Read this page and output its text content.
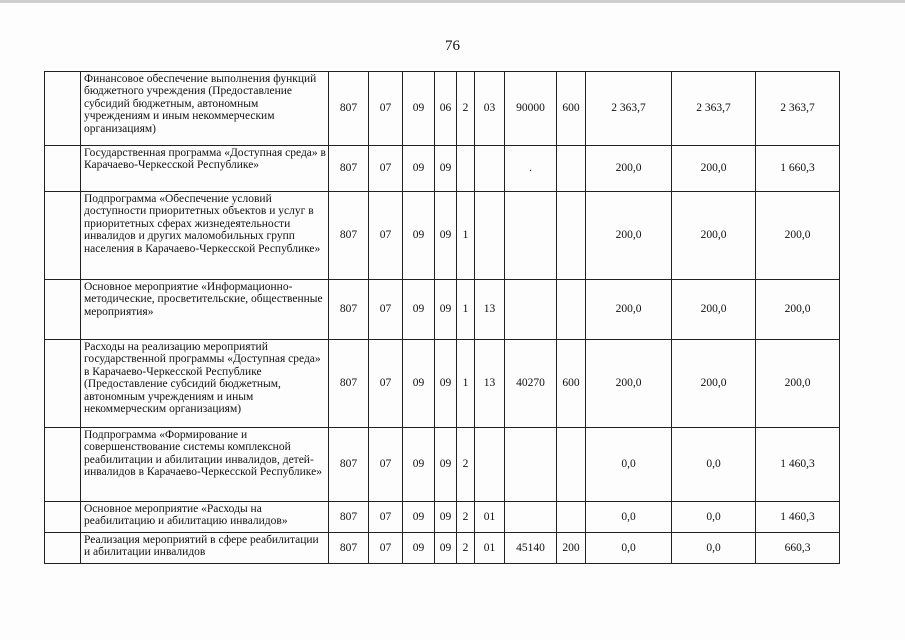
76
	Финансовое обеспечение выполнения функций бюджетного учреждения (Предоставление субсидий бюджетным, автономным учреждениям и иным некоммерческим организациям)	807	07	09	06	2	03	90000	600	2 363,7	2 363,7	2 363,7
	Государственная программа «Доступная среда» в Карачаево-Черкесской Республике»	807	07	09	09			.		200,0	200,0	1 660,3
	Подпрограмма «Обеспечение условий доступности приоритетных объектов и услуг в приоритетных сферах жизнедеятельности инвалидов и других маломобильных групп населения в Карачаево-Черкесской Республике»	807	07	09	09	1				200,0	200,0	200,0
	Основное мероприятие «Информационно-методические, просветительские, общественные мероприятия»	807	07	09	09	1	13			200,0	200,0	200,0
	Расходы на реализацию мероприятий государственной программы «Доступная среда» в Карачаево-Черкесской Республике (Предоставление субсидий бюджетным, автономным учреждениям и иным некоммерческим организациям)	807	07	09	09	1	13	40270	600	200,0	200,0	200,0
	Подпрограмма «Формирование и совершенствование системы комплексной реабилитации и абилитации инвалидов, детей-инвалидов в Карачаево-Черкесской Республике»	807	07	09	09	2				0,0	0,0	1 460,3
	Основное мероприятие «Расходы на реабилитацию и абилитацию инвалидов»	807	07	09	09	2	01			0,0	0,0	1 460,3
	Реализация мероприятий в сфере реабилитации и абилитации инвалидов	807	07	09	09	2	01	45140	200	0,0	0,0	660,3
